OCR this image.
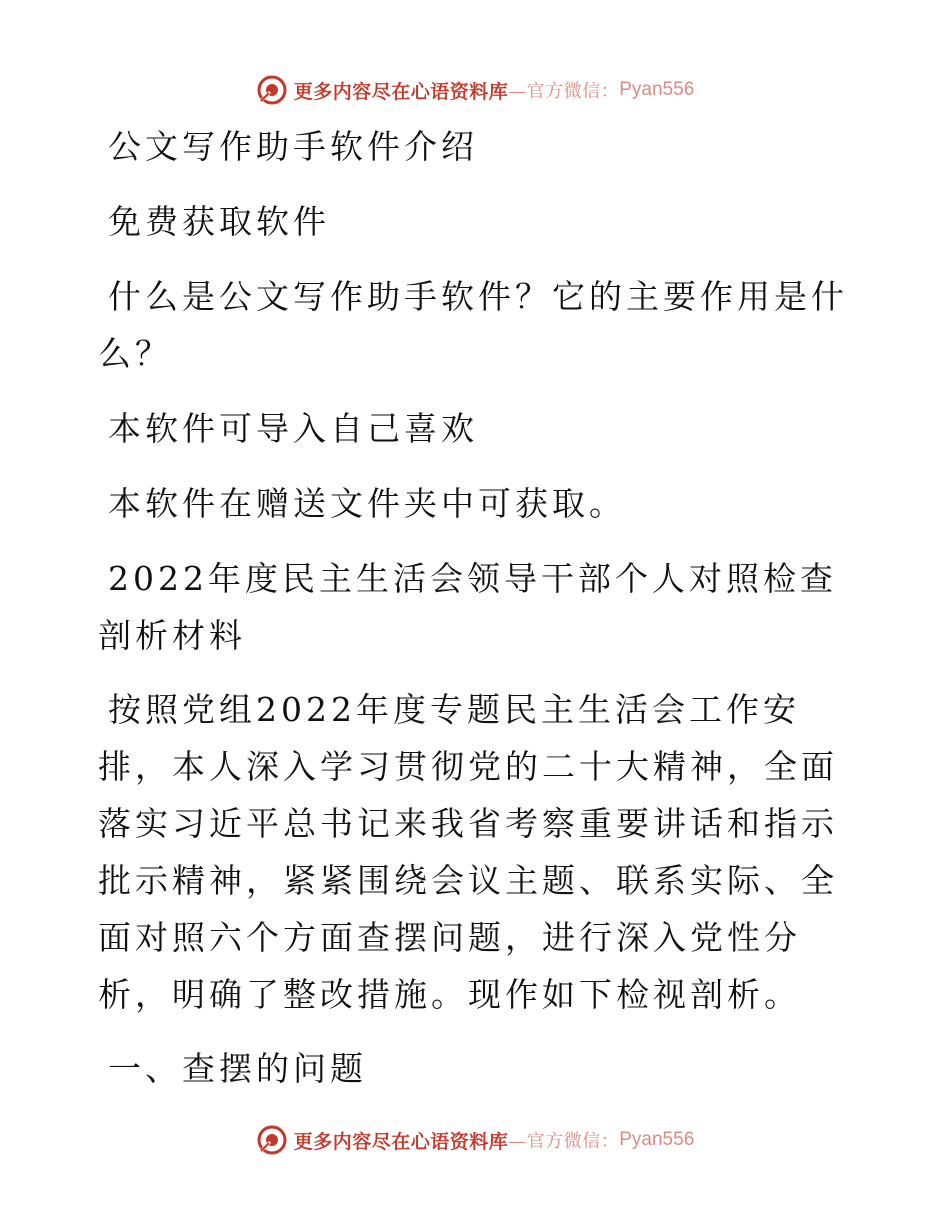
更多内容尽在心语资料库 —官方微信： Pyan556

公文写作助手软件介绍

免费获取软件

什么是公文写作助手软件？它的主要作用是什么？

本软件可导入自己喜欢

本软件在赠送文件夹中可获取。

2022年度民主生活会领导干部个人对照检查剖析材料

按照党组2022年度专题民主生活会工作安排，本人深入学习贯彻党的二十大精神，全面落实习近平总书记来我省考察重要讲话和指示批示精神，紧紧围绕会议主题、联系实际、全面对照六个方面查摆问题，进行深入党性分析，明确了整改措施。现作如下检视剖析。

一、查摆的问题

更多内容尽在心语资料库 —官方微信： Pyan556
